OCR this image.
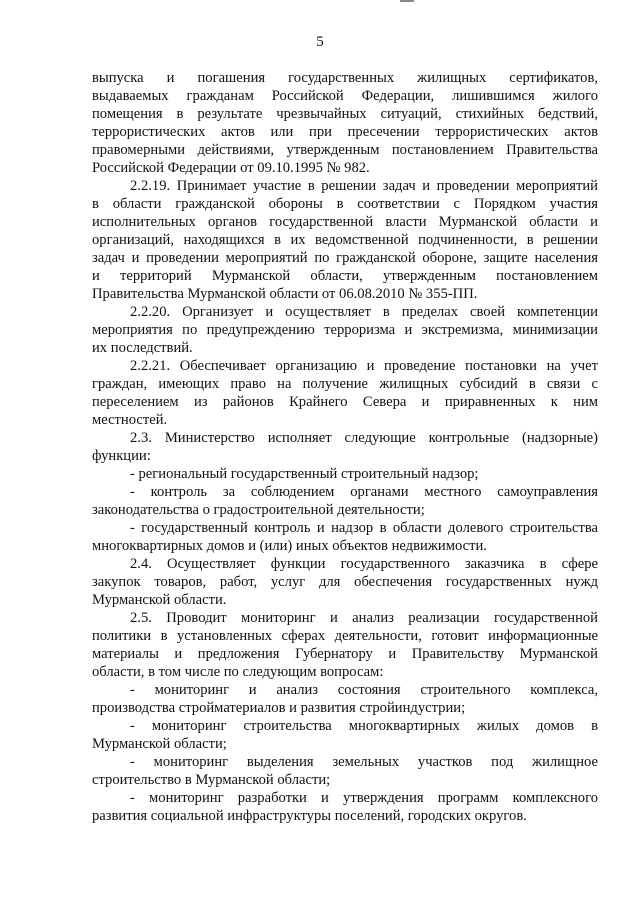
5
выпуска и погашения государственных жилищных сертификатов,
выдаваемых гражданам Российской Федерации, лишившимся жилого
помещения в результате чрезвычайных ситуаций, стихийных бедствий,
террористических актов или при пресечении террористических актов
правомерными действиями, утвержденным постановлением Правительства
Российской Федерации от 09.10.1995 № 982.
2.2.19. Принимает участие в решении задач и проведении мероприятий
в области гражданской обороны в соответствии с Порядком участия
исполнительных органов государственной власти Мурманской области и
организаций, находящихся в их ведомственной подчиненности, в решении
задач и проведении мероприятий по гражданской обороне, защите населения
и территорий Мурманской области, утвержденным постановлением
Правительства Мурманской области от 06.08.2010 № 355-ПП.
2.2.20. Организует и осуществляет в пределах своей компетенции
мероприятия по предупреждению терроризма и экстремизма, минимизации
их последствий.
2.2.21. Обеспечивает организацию и проведение постановки на учет
граждан, имеющих право на получение жилищных субсидий в связи с
переселением из районов Крайнего Севера и приравненных к ним
местностей.
2.3. Министерство исполняет следующие контрольные (надзорные)
функции:
- региональный государственный строительный надзор;
- контроль за соблюдением органами местного самоуправления
законодательства о градостроительной деятельности;
- государственный контроль и надзор в области долевого строительства
многоквартирных домов и (или) иных объектов недвижимости.
2.4. Осуществляет функции государственного заказчика в сфере
закупок товаров, работ, услуг для обеспечения государственных нужд
Мурманской области.
2.5. Проводит мониторинг и анализ реализации государственной
политики в установленных сферах деятельности, готовит информационные
материалы и предложения Губернатору и Правительству Мурманской
области, в том числе по следующим вопросам:
- мониторинг и анализ состояния строительного комплекса,
производства стройматериалов и развития стройиндустрии;
- мониторинг строительства многоквартирных жилых домов в
Мурманской области;
- мониторинг выделения земельных участков под жилищное
строительство в Мурманской области;
- мониторинг разработки и утверждения программ комплексного
развития социальной инфраструктуры поселений, городских округов.
